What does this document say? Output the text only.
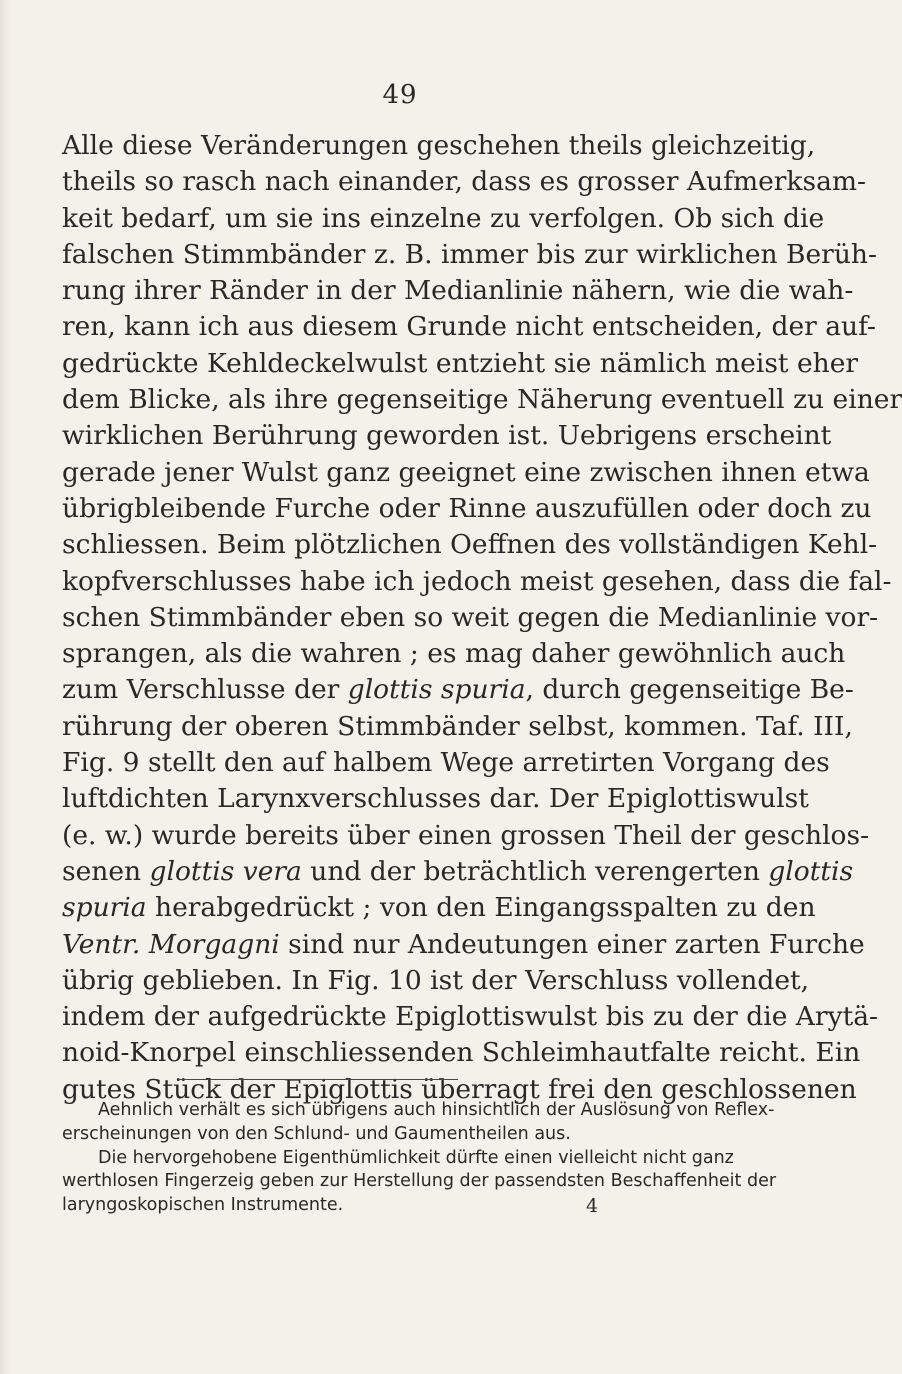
49
Alle diese Veränderungen geschehen theils gleichzeitig,
theils so rasch nach einander, dass es grosser Aufmerksam-
keit bedarf, um sie ins einzelne zu verfolgen. Ob sich die
falschen Stimmbänder z. B. immer bis zur wirklichen Berüh-
rung ihrer Ränder in der Medianlinie nähern, wie die wah-
ren, kann ich aus diesem Grunde nicht entscheiden, der auf-
gedrückte Kehldeckelwulst entzieht sie nämlich meist eher
dem Blicke, als ihre gegenseitige Näherung eventuell zu einer
wirklichen Berührung geworden ist. Uebrigens erscheint
gerade jener Wulst ganz geeignet eine zwischen ihnen etwa
übrigbleibende Furche oder Rinne auszufüllen oder doch zu
schliessen. Beim plötzlichen Oeffnen des vollständigen Kehl-
kopfverschlusses habe ich jedoch meist gesehen, dass die fal-
schen Stimmbänder eben so weit gegen die Medianlinie vor-
sprangen, als die wahren ; es mag daher gewöhnlich auch
zum Verschlusse der glottis spuria, durch gegenseitige Be-
rührung der oberen Stimmbänder selbst, kommen. Taf. III,
Fig. 9 stellt den auf halbem Wege arretirten Vorgang des
luftdichten Larynxverschlusses dar. Der Epiglottiswulst
(e. w.) wurde bereits über einen grossen Theil der geschlos-
senen glottis vera und der beträchtlich verengerten glottis
spuria herabgedrückt ; von den Eingangsspalten zu den
Ventr. Morgagni sind nur Andeutungen einer zarten Furche
übrig geblieben. In Fig. 10 ist der Verschluss vollendet,
indem der aufgedrückte Epiglottiswulst bis zu der die Arytä-
noid-Knorpel einschliessenden Schleimhautfalte reicht. Ein
gutes Stück der Epiglottis überragt frei den geschlossenen
Aehnlich verhält es sich übrigens auch hinsichtlich der Auslösung von Reflex-
erscheinungen von den Schlund- und Gaumentheilen aus.
Die hervorgehobene Eigenthümlichkeit dürfte einen vielleicht nicht ganz
werthlosen Fingerzeig geben zur Herstellung der passendsten Beschaffenheit der
laryngoskopischen Instrumente.	4
